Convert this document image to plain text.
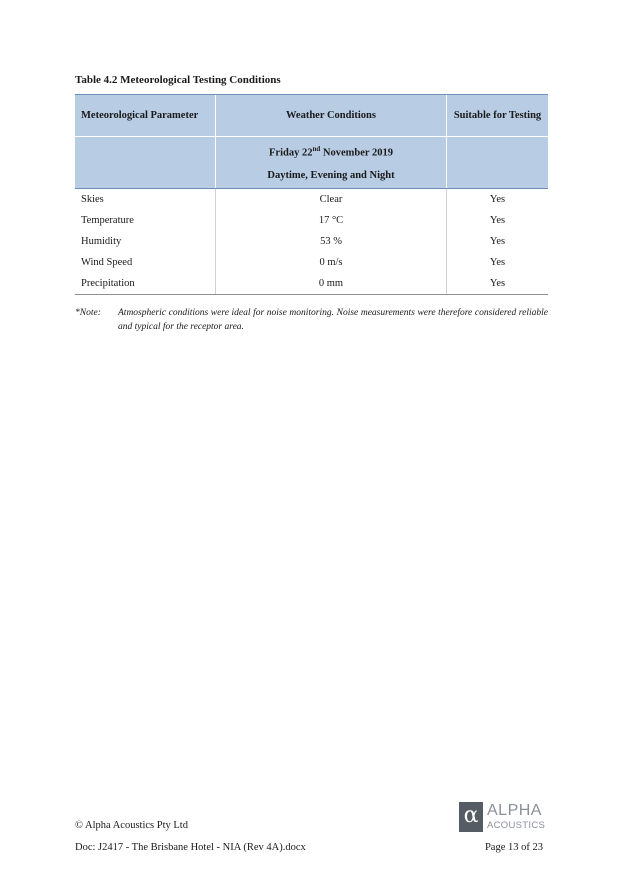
Table 4.2 Meteorological Testing Conditions
Meteorological Parameter	Weather Conditions	Suitable for Testing

	Friday 22nd November 2019
Daytime, Evening and Night	

Skies	Clear	Yes
Temperature	17 °C	Yes
Humidity	53 %	Yes
Wind Speed	0 m/s	Yes
Precipitation	0 mm	Yes
*Note:	Atmospheric conditions were ideal for noise monitoring. Noise measurements were therefore considered reliable and typical for the receptor area.
α ALPHA
ACOUSTICS
© Alpha Acoustics Pty Ltd
Doc: J2417 - The Brisbane Hotel - NIA (Rev 4A).docx	Page 13 of 23
